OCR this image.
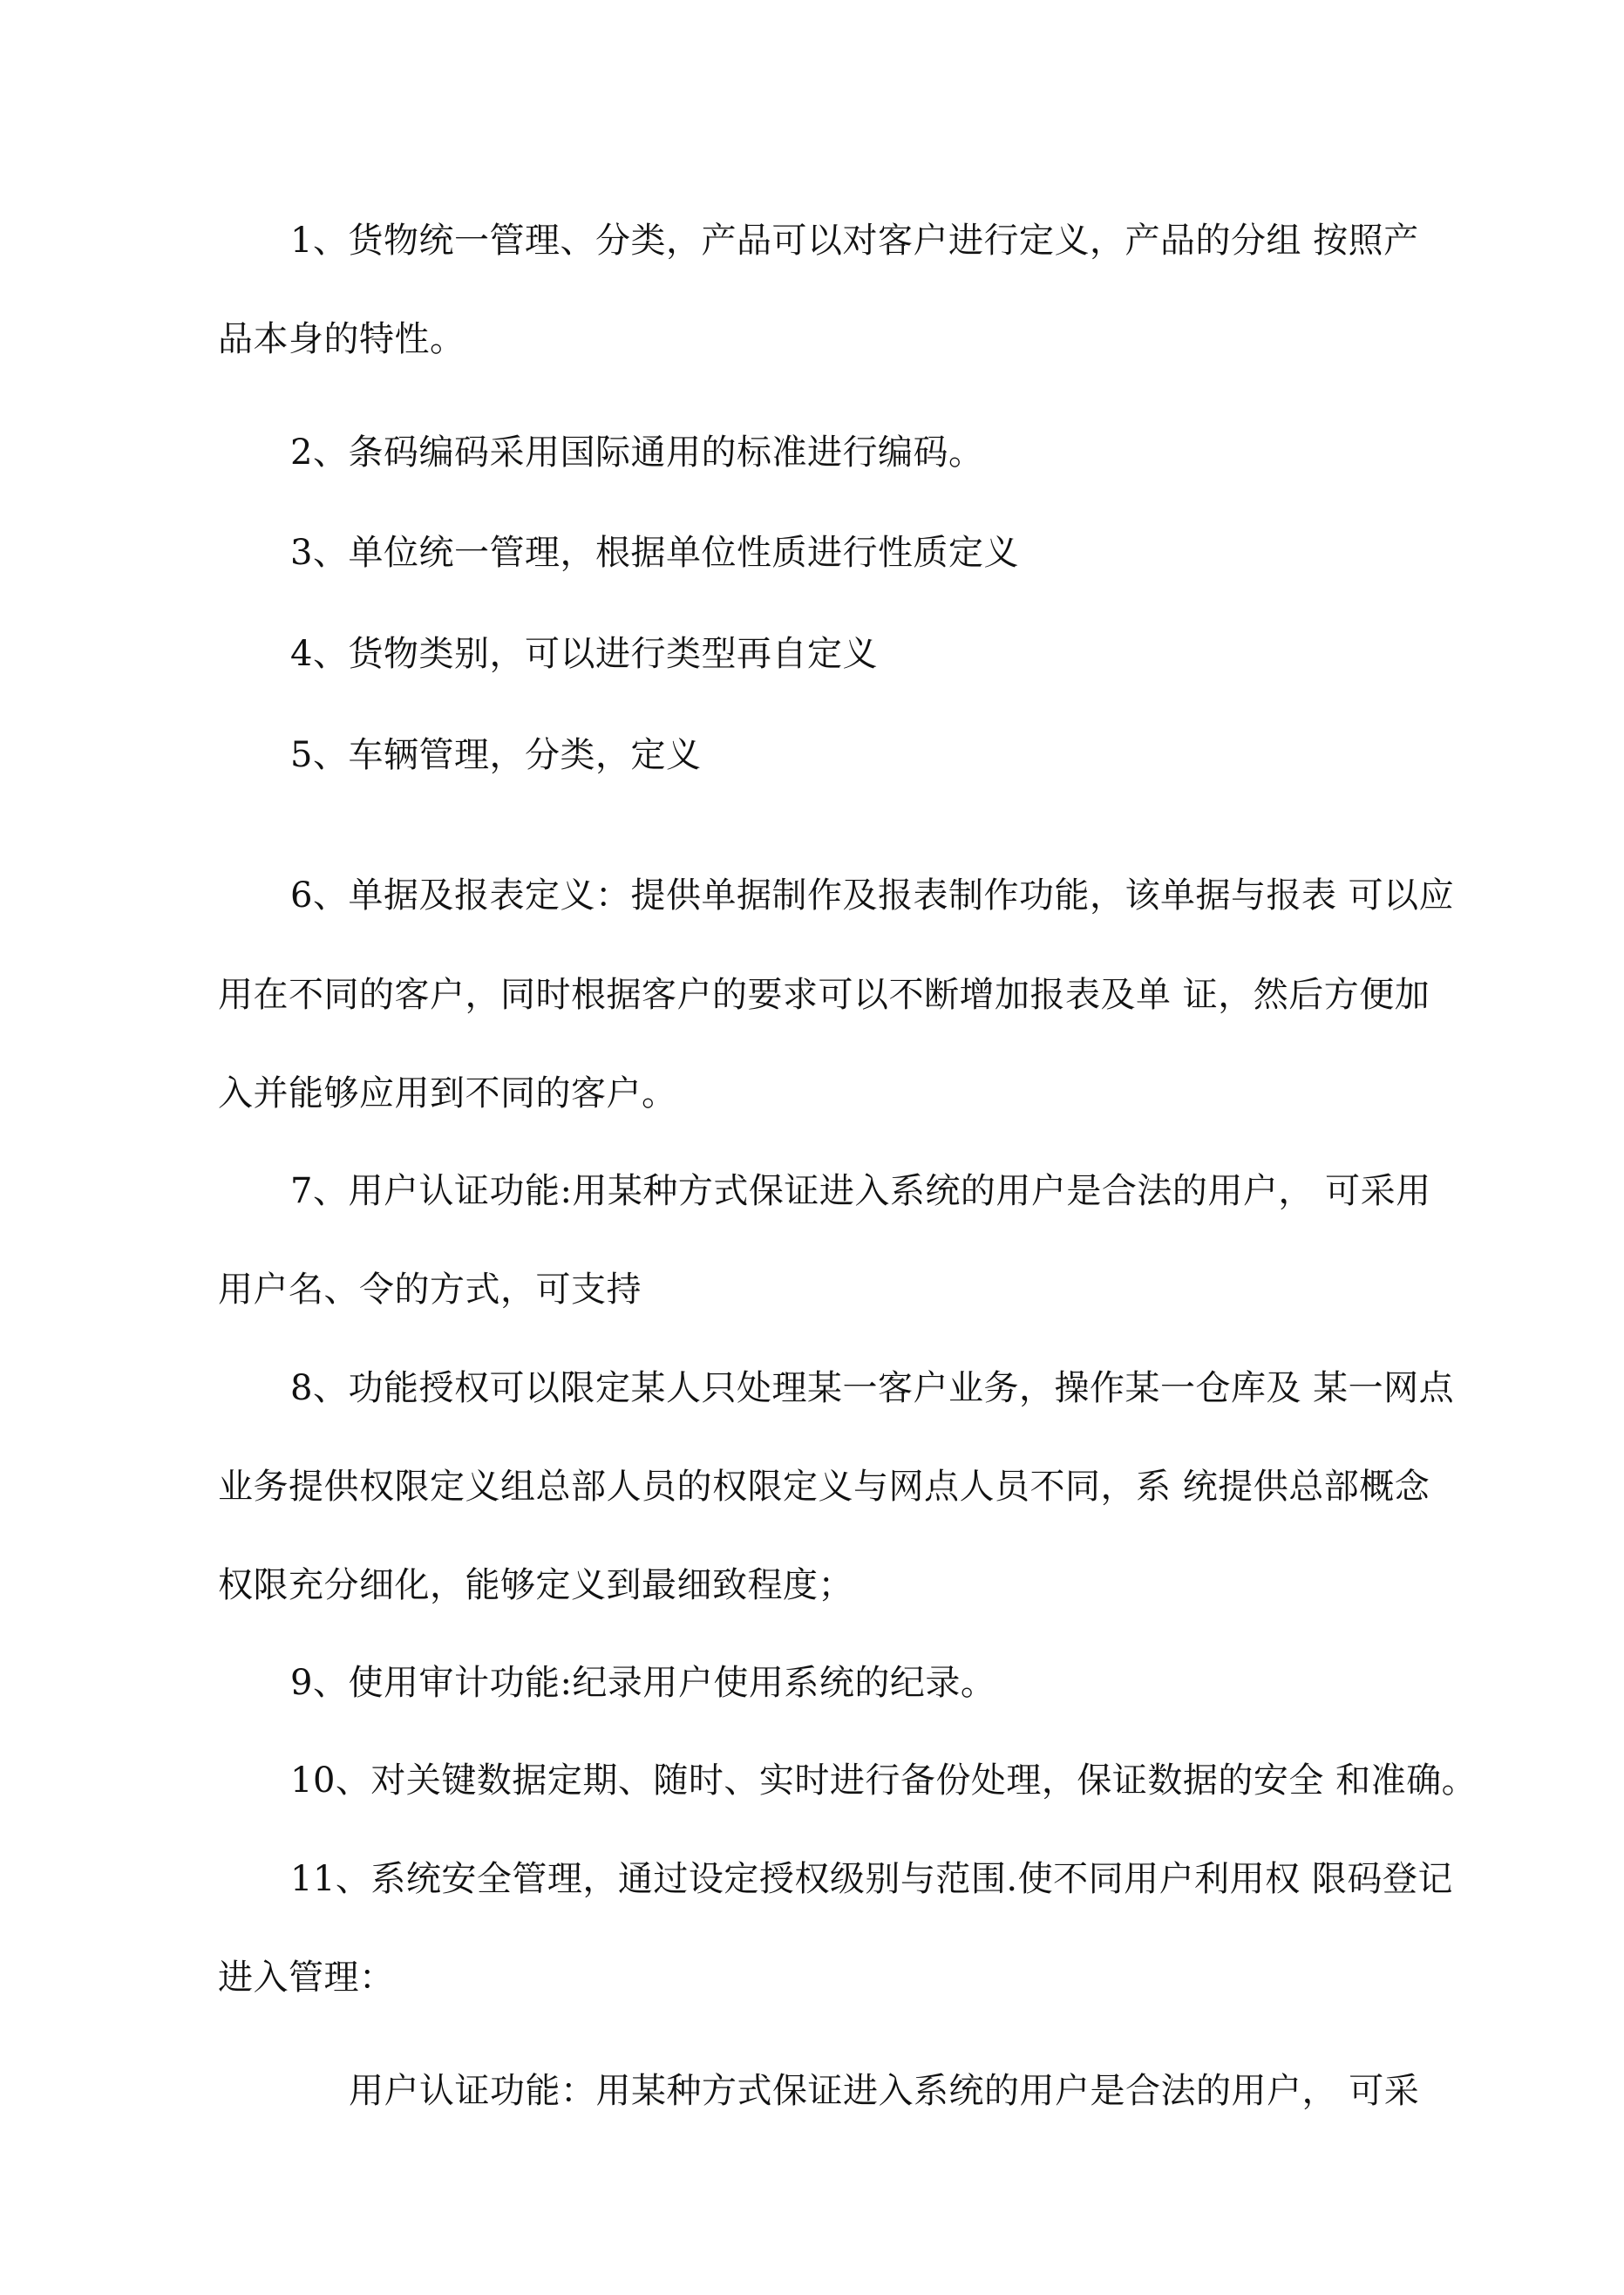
1、货物统一管理、分类，产品可以对客户进行定义，产品的分组 按照产
品本身的特性。
2、条码编码采用国际通用的标准进行编码。
3、单位统一管理，根据单位性质进行性质定义
4、货物类别，可以进行类型再自定义
5、车辆管理，分类，定义
6、单据及报表定义：提供单据制作及报表制作功能，该单据与报表 可以应
用在不同的客户，同时根据客户的要求可以不断增加报表及单 证，然后方便加
入并能够应用到不同的客户。
7、用户认证功能:用某种方式保证进入系统的用户是合法的用户， 可采用
用户名、令的方式，可支持
8、功能授权可以限定某人只处理某一客户业务，操作某一仓库及 某一网点
业务提供权限定义组总部人员的权限定义与网点人员不同，系 统提供总部概念
权限充分细化，能够定义到最细致程度；
9、使用审计功能:纪录用户使用系统的纪录。
10、对关键数据定期、随时、实时进行备份处理，保证数据的安全 和准确。
11、系统安全管理，通过设定授权级别与范围.使不同用户利用权 限码登记
进入管理：
用户认证功能：用某种方式保证进入系统的用户是合法的用户， 可采
